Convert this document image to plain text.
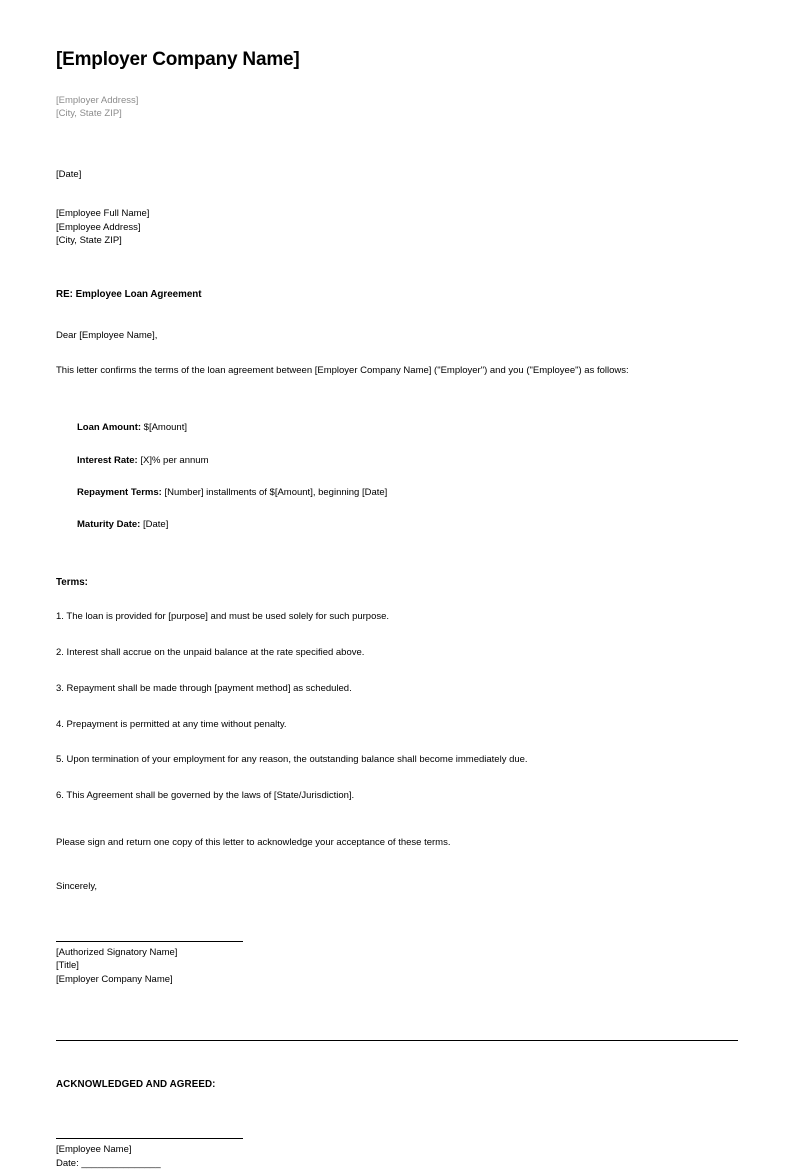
[Employer Company Name]
[Employer Address]
[City, State ZIP]
[Date]
[Employee Full Name]
[Employee Address]
[City, State ZIP]
RE: Employee Loan Agreement
Dear [Employee Name],

This letter confirms the terms of the loan agreement between [Employer Company Name] ("Employer") and you ("Employee") as follows:

Loan Amount: $[Amount]
Interest Rate: [X]% per annum
Repayment Terms: [Number] installments of $[Amount], beginning [Date]
Maturity Date: [Date]
Terms:
1. The loan is provided for [purpose] and must be used solely for such purpose.
2. Interest shall accrue on the unpaid balance at the rate specified above.
3. Repayment shall be made through [payment method] as scheduled.
4. Prepayment is permitted at any time without penalty.
5. Upon termination of your employment for any reason, the outstanding balance shall become immediately due.
6. This Agreement shall be governed by the laws of [State/Jurisdiction].

Please sign and return one copy of this letter to acknowledge your acceptance of these terms.

Sincerely,
[Authorized Signatory Name]
[Title]
[Employer Company Name]
ACKNOWLEDGED AND AGREED:
[Employee Name]
Date: _______________
